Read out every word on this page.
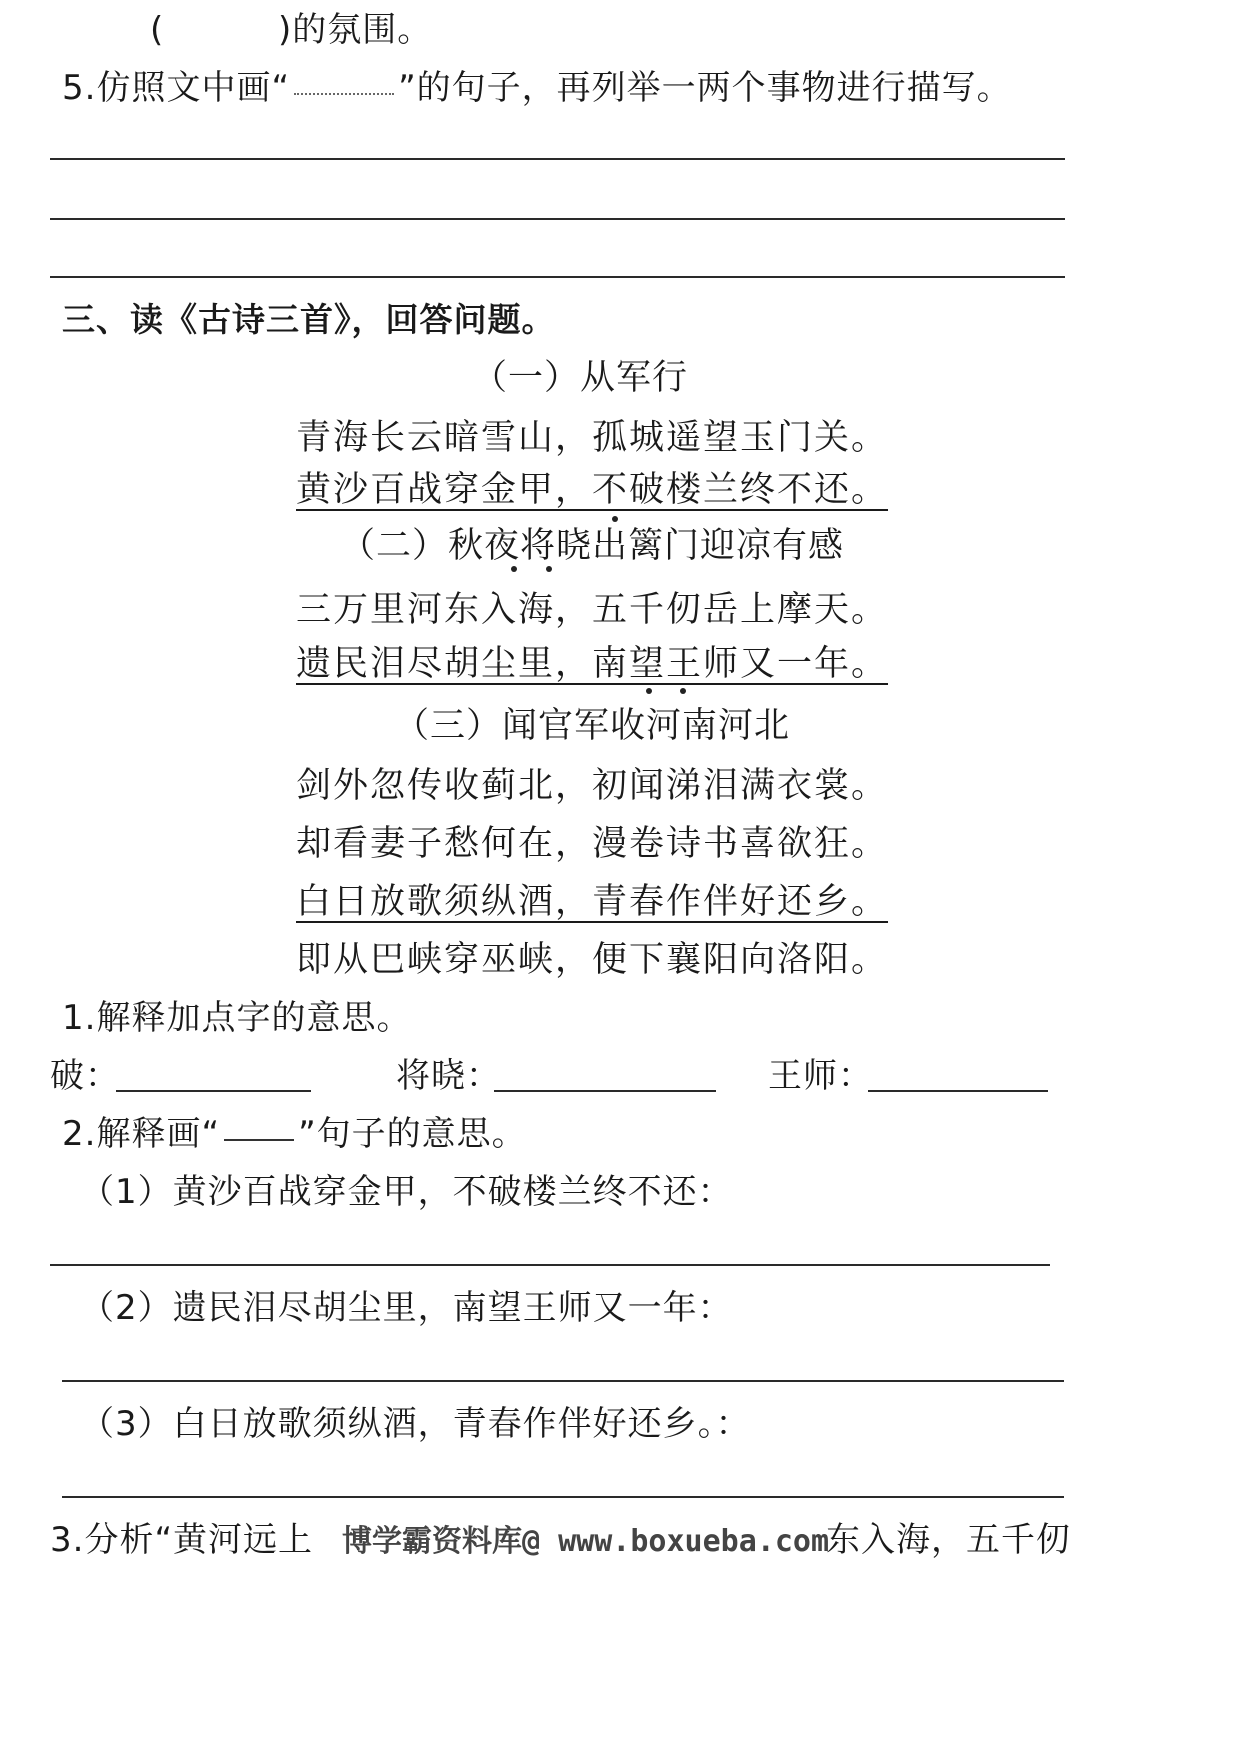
(	)的氛围。
5.仿照文中画“	”的句子，再列举一两个事物进行描写。
三、读《古诗三首》，回答问题。
（一）从军行
青海长云暗雪山，孤城遥望玉门关。
黄沙百战穿金甲，不破楼兰终不还。
（二）秋夜将晓出篱门迎凉有感
三万里河东入海，五千仞岳上摩天。
遗民泪尽胡尘里，南望王师又一年。
（三）闻官军收河南河北
剑外忽传收蓟北，初闻涕泪满衣裳。
却看妻子愁何在，漫卷诗书喜欲狂。
白日放歌须纵酒，青春作伴好还乡。
即从巴峡穿巫峡，便下襄阳向洛阳。
1.解释加点字的意思。
破：	将晓：	王师：
2.解释画“ ”句子的意思。
（1）黄沙百战穿金甲，不破楼兰终不还：
（2）遗民泪尽胡尘里，南望王师又一年：
（3）白日放歌须纵酒，青春作伴好还乡。：
3.分析“黄河远上	东入海，五千仞
博学霸资料库@ www.boxueba.com
